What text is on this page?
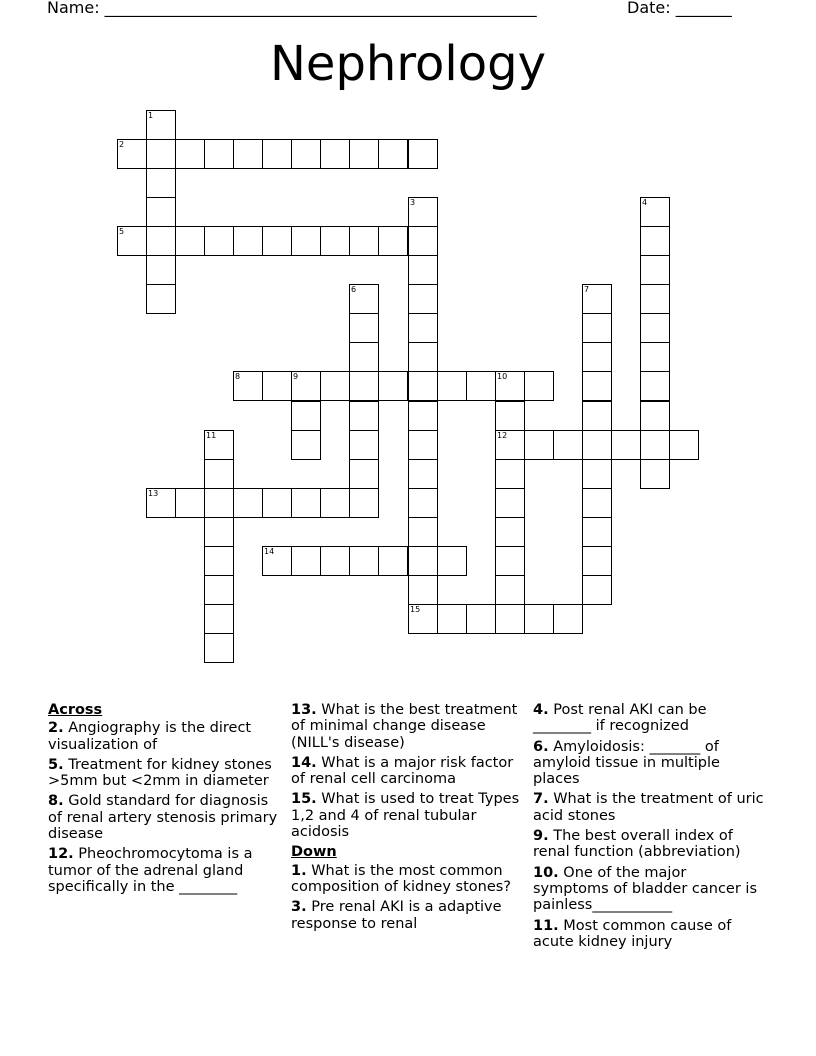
Name: ______________________________________________________	Date: _______
Nephrology
2
5
8	9	10
12
13
14
15
1
3	4
6	7
11
Across
2. Angiography is the direct visualization of
5. Treatment for kidney stones >5mm but <2mm in diameter
8. Gold standard for diagnosis of renal artery stenosis primary disease
12. Pheochromocytoma is a tumor of the adrenal gland specifically in the ________
13. What is the best treatment of minimal change disease (NILL's disease)
14. What is a major risk factor of renal cell carcinoma
15. What is used to treat Types 1,2 and 4 of renal tubular acidosis
Down
1. What is the most common composition of kidney stones?
3. Pre renal AKI is a adaptive response to renal
4. Post renal AKI can be ________ if recognized
6. Amyloidosis: _______ of amyloid tissue in multiple places
7. What is the treatment of uric acid stones
9. The best overall index of renal function (abbreviation)
10. One of the major symptoms of bladder cancer is painless___________
11. Most common cause of acute kidney injury
